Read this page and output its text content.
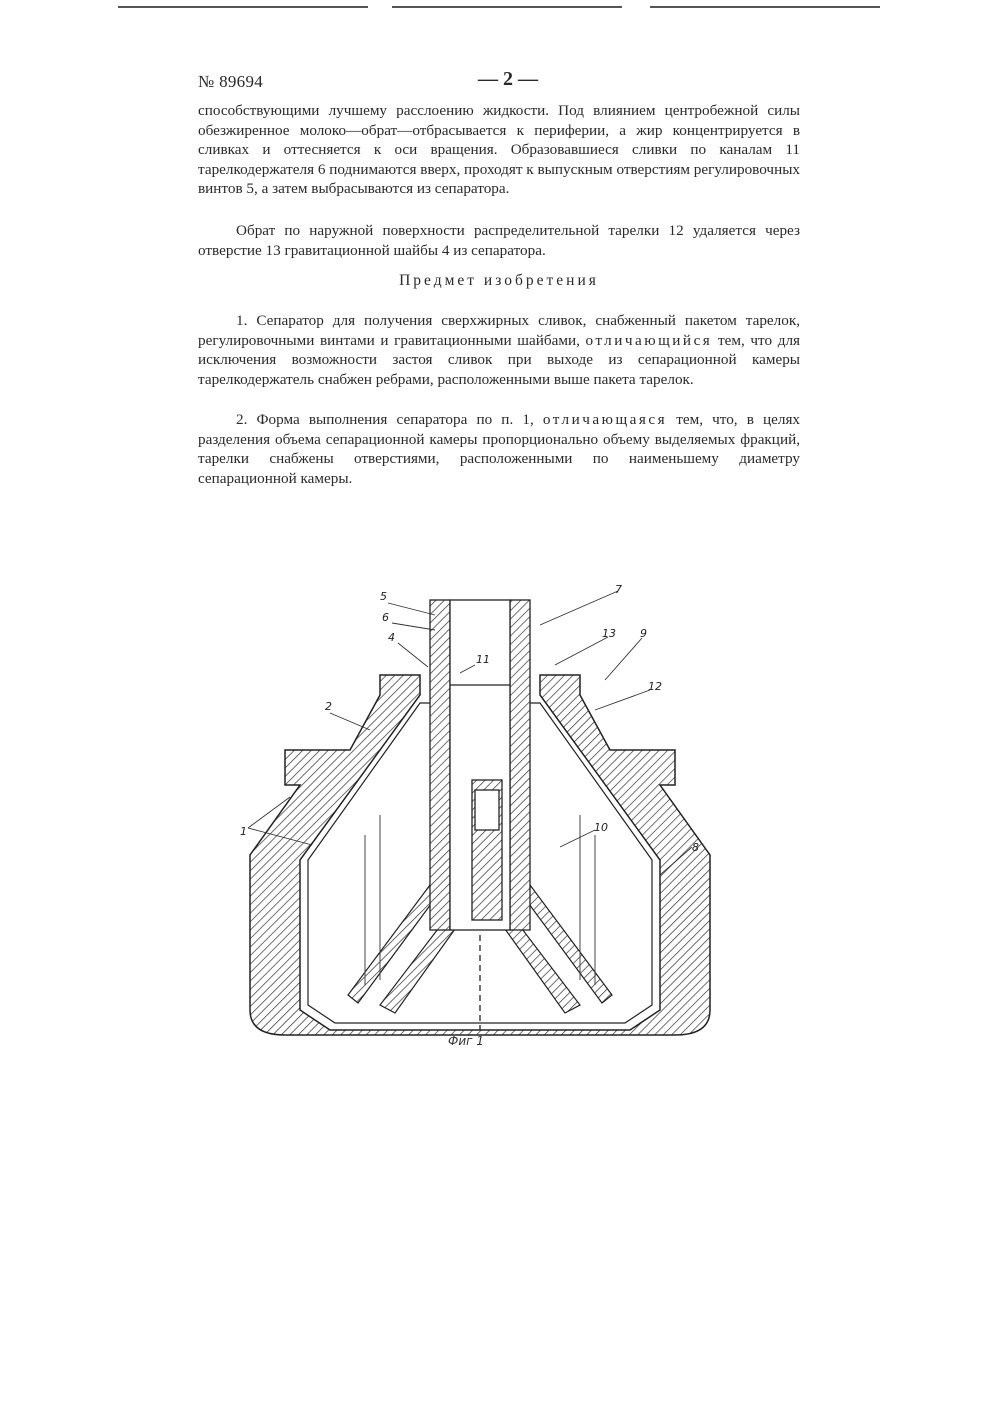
№ 89694	— 2 —

способствующими лучшему расслоению жидкости. Под влиянием центробежной силы обезжиренное молоко—обрат—отбрасывается к периферии, а жир концентрируется в сливках и оттесняется к оси вращения. Образовавшиеся сливки по каналам 11 тарелкодержателя 6 поднимаются вверх, проходят к выпускным отверстиям регулировочных винтов 5, а затем выбрасываются из сепаратора.

Обрат по наружной поверхности распределительной тарелки 12 удаляется через отверстие 13 гравитационной шайбы 4 из сепаратора.

Предмет изобретения

1. Сепаратор для получения сверхжирных сливок, снабженный пакетом тарелок, регулировочными винтами и гравитационными шайбами, отличающийся тем, что для исключения возможности застоя сливок при выходе из сепарационной камеры тарелкодержатель снабжен ребрами, расположенными выше пакета тарелок.

2. Форма выполнения сепаратора по п. 1, отличающаяся тем, что, в целях разделения объема сепарационной камеры пропорционально объему выделяемых фракций, тарелки снабжены отверстиями, расположенными по наименьшему диаметру сепарационной камеры.

5
6
4
11
2
1
7
13 9
12
10
8
Фиг 1
